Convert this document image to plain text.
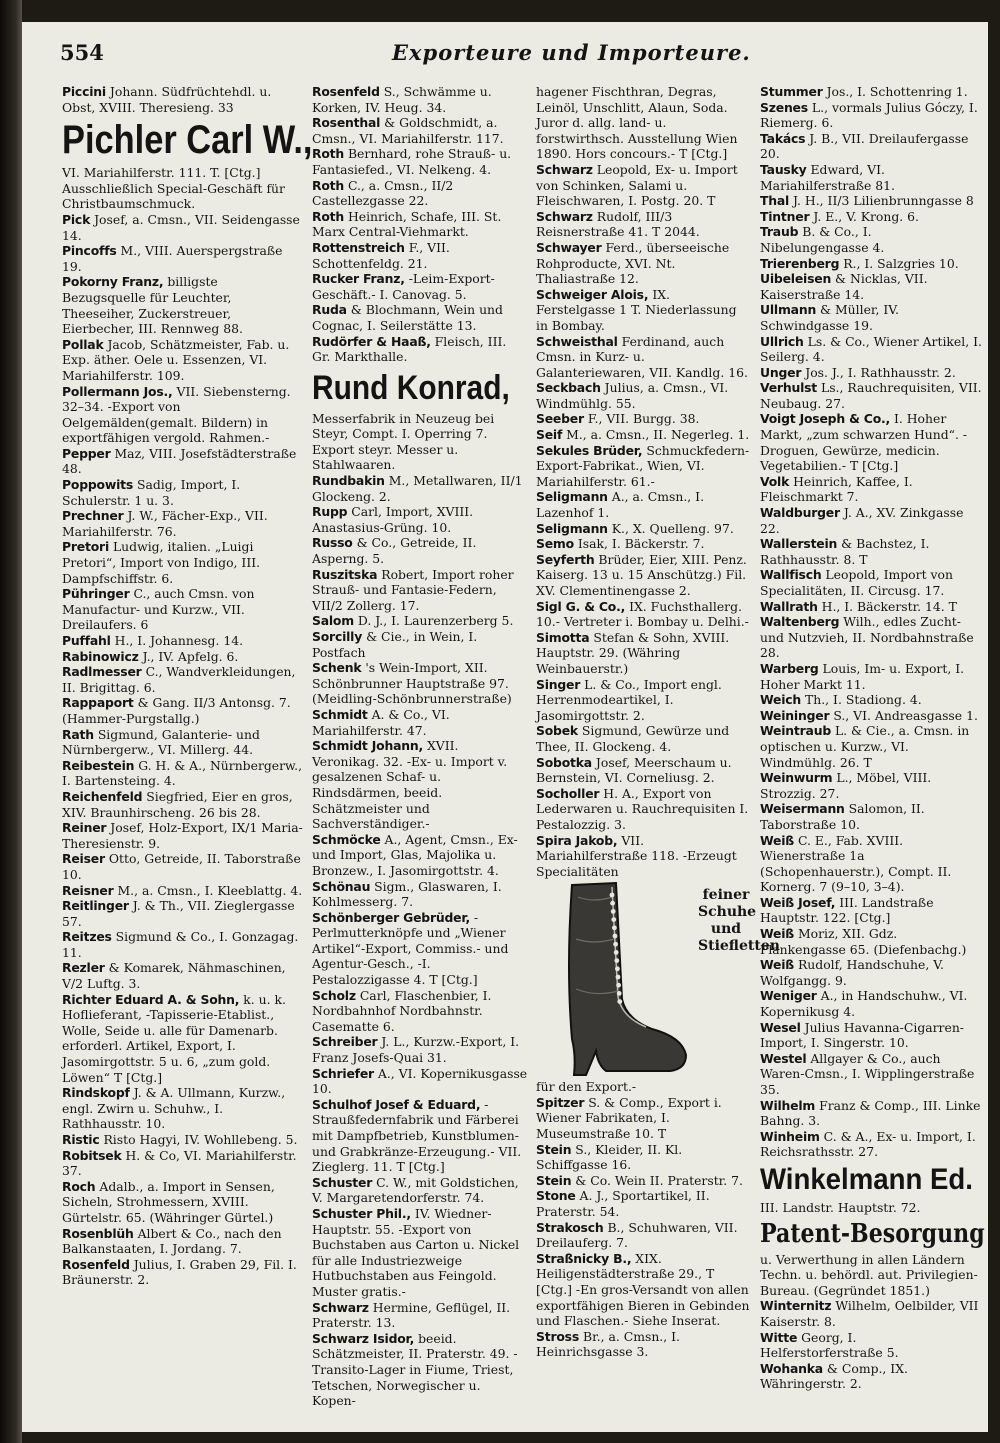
554	Exporteure und Importeure.

Piccini Johann. Südfrüchtehdl. u. Obst, XVIII. Theresieng. 33

Pichler Carl W.,

VI. Mariahilferstr. 111. T. [Ctg.] Ausschließlich Special-Geschäft für Christbaumschmuck.

Pick Josef, a. Cmsn., VII. Seidengasse 14.

Pincoffs M., VIII. Auerspergstraße 19.

Pokorny Franz, billigste Bezugsquelle für Leuchter, Theeseiher, Zuckerstreuer, Eierbecher, III. Rennweg 88.

Pollak Jacob, Schätzmeister, Fab. u. Exp. äther. Oele u. Essenzen, VI. Mariahilferstr. 109.

Pollermann Jos., VII. Siebensterng. 32–34. -Export von Oelgemälden(gemalt. Bildern) in exportfähigen vergold. Rahmen.-

Pepper Maz, VIII. Josefstädterstraße 48.

Poppowits Sadig, Import, I. Schulerstr. 1 u. 3.

Prechner J. W., Fächer-Exp., VII. Mariahilferstr. 76.

Pretori Ludwig, italien. „Luigi Pretori“, Import von Indigo, III. Dampfschiffstr. 6.

Pühringer C., auch Cmsn. von Manufactur- und Kurzw., VII. Dreilaufers. 6

Puffahl H., I. Johannesg. 14.

Rabinowicz J., IV. Apfelg. 6.

Radlmesser C., Wandverkleidungen, II. Brigittag. 6.

Rappaport & Gang. II/3 Antonsg. 7. (Hammer-Purgstallg.)

Rath Sigmund, Galanterie- und Nürnbergerw., VI. Millerg. 44.

Reibestein G. H. & A., Nürnbergerw., I. Bartensteing. 4.

Reichenfeld Siegfried, Eier en gros, XIV. Braunhirscheng. 26 bis 28.

Reiner Josef, Holz-Export, IX/1 Maria-Theresienstr. 9.

Reiser Otto, Getreide, II. Taborstraße 10.

Reisner M., a. Cmsn., I. Kleeblattg. 4.

Reitlinger J. & Th., VII. Zieglergasse 57.

Reitzes Sigmund & Co., I. Gonzagag. 11.

Rezler & Komarek, Nähmaschinen, V/2 Luftg. 3.

Richter Eduard A. & Sohn, k. u. k. Hoflieferant, -Tapisserie-Etablist., Wolle, Seide u. alle für Damenarb. erforderl. Artikel, Export, I. Jasomirgottstr. 5 u. 6, „zum gold. Löwen“ T [Ctg.]

Rindskopf J. & A. Ullmann, Kurzw., engl. Zwirn u. Schuhw., I. Rathhausstr. 10.

Ristic Risto Hagyi, IV. Wohllebeng. 5.

Robitsek H. & Co, VI. Mariahilferstr. 37.

Roch Adalb., a. Import in Sensen, Sicheln, Strohmessern, XVIII. Gürtelstr. 65. (Währinger Gürtel.)

Rosenblüh Albert & Co., nach den Balkanstaaten, I. Jordang. 7.

Rosenfeld Julius, I. Graben 29, Fil. I. Bräunerstr. 2.

Rosenfeld S., Schwämme u. Korken, IV. Heug. 34.

Rosenthal & Goldschmidt, a. Cmsn., VI. Mariahilferstr. 117.

Roth Bernhard, rohe Strauß- u. Fantasiefed., VI. Nelkeng. 4.

Roth C., a. Cmsn., II/2 Castellezgasse 22.

Roth Heinrich, Schafe, III. St. Marx Central-Viehmarkt.

Rottenstreich F., VII. Schottenfeldg. 21.

Rucker Franz, -Leim-Export-Geschäft.- I. Canovag. 5.

Ruda & Blochmann, Wein und Cognac, I. Seilerstätte 13.

Rudörfer & Haaß, Fleisch, III. Gr. Markthalle.

Rund Konrad,

Messerfabrik in Neuzeug bei Steyr, Compt. I. Operring 7. Export steyr. Messer u. Stahlwaaren.

Rundbakin M., Metallwaren, II/1 Glockeng. 2.

Rupp Carl, Import, XVIII. Anastasius-Grüng. 10.

Russo & Co., Getreide, II. Asperng. 5.

Ruszitska Robert, Import roher Strauß- und Fantasie-Federn, VII/2 Zollerg. 17.

Salom D. J., I. Laurenzerberg 5.

Sorcilly & Cie., in Wein, I. Postfach

Schenk 's Wein-Import, XII. Schönbrunner Hauptstraße 97. (Meidling-Schönbrunnerstraße)

Schmidt A. & Co., VI. Mariahilferstr. 47.

Schmidt Johann, XVII. Veronikag. 32. -Ex- u. Import v. gesalzenen Schaf- u. Rindsdärmen, beeid. Schätzmeister und Sachverständiger.-

Schmöcke A., Agent, Cmsn., Ex- und Import, Glas, Majolika u. Bronzew., I. Jasomirgottstr. 4.

Schönau Sigm., Glaswaren, I. Kohlmesserg. 7.

Schönberger Gebrüder, -Perlmutterknöpfe und „Wiener Artikel“-Export, Commiss.- und Agentur-Gesch., -I. Pestalozzigasse 4. T [Ctg.]

Scholz Carl, Flaschenbier, I. Nordbahnhof Nordbahnstr. Casematte 6.

Schreiber J. L., Kurzw.-Export, I. Franz Josefs-Quai 31.

Schriefer A., VI. Kopernikusgasse 10.

Schulhof Josef & Eduard, -Straußfedernfabrik und Färberei mit Dampfbetrieb, Kunstblumen- und Grabkränze-Erzeugung.- VII. Zieglerg. 11. T [Ctg.]

Schuster C. W., mit Goldstichen, V. Margaretendorferstr. 74.

Schuster Phil., IV. Wiedner-Hauptstr. 55. -Export von Buchstaben aus Carton u. Nickel für alle Industriezweige Hutbuchstaben aus Feingold. Muster gratis.-

Schwarz Hermine, Geflügel, II. Praterstr. 13.

Schwarz Isidor, beeid. Schätzmeister, II. Praterstr. 49. -Transito-Lager in Fiume, Triest, Tetschen, Norwegischer u. Kopen-

hagener Fischthran, Degras, Leinöl, Unschlitt, Alaun, Soda. Juror d. allg. land- u. forstwirthsch. Ausstellung Wien 1890. Hors concours.- T [Ctg.]

Schwarz Leopold, Ex- u. Import von Schinken, Salami u. Fleischwaren, I. Postg. 20. T

Schwarz Rudolf, III/3 Reisnerstraße 41. T 2044.

Schwayer Ferd., überseeische Rohproducte, XVI. Nt. Thaliastraße 12.

Schweiger Alois, IX. Ferstelgasse 1 T. Niederlassung in Bombay.

Schweisthal Ferdinand, auch Cmsn. in Kurz- u. Galanteriewaren, VII. Kandlg. 16.

Seckbach Julius, a. Cmsn., VI. Windmühlg. 55.

Seeber F., VII. Burgg. 38.

Seif M., a. Cmsn., II. Negerleg. 1.

Sekules Brüder, Schmuckfedern-Export-Fabrikat., Wien, VI. Mariahilferstr. 61.-

Seligmann A., a. Cmsn., I. Lazenhof 1.

Seligmann K., X. Quelleng. 97.

Semo Isak, I. Bäckerstr. 7.

Seyferth Brüder, Eier, XIII. Penz. Kaiserg. 13 u. 15 Anschützg.) Fil. XV. Clementinengasse 2.

Sigl G. & Co., IX. Fuchsthallerg. 10.- Vertreter i. Bombay u. Delhi.-

Simotta Stefan & Sohn, XVIII. Hauptstr. 29. (Währing Weinbauerstr.)

Singer L. & Co., Import engl. Herrenmodeartikel, I. Jasomirgottstr. 2.

Sobek Sigmund, Gewürze und Thee, II. Glockeng. 4.

Sobotka Josef, Meerschaum u. Bernstein, VI. Corneliusg. 2.

Socholler H. A., Export von Lederwaren u. Rauchrequisiten I. Pestalozzig. 3.

Spira Jakob, VII. Mariahilferstraße 118. -Erzeugt Specialitäten

feiner Schuhe und Stiefletten

für den Export.-

Spitzer S. & Comp., Export i. Wiener Fabrikaten, I. Museumstraße 10. T

Stein S., Kleider, II. Kl. Schiffgasse 16.

Stein & Co. Wein II. Praterstr. 7.

Stone A. J., Sportartikel, II. Praterstr. 54.

Strakosch B., Schuhwaren, VII. Dreilauferg. 7.

Straßnicky B., XIX. Heiligenstädterstraße 29., T [Ctg.] -En gros-Versandt von allen exportfähigen Bieren in Gebinden und Flaschen.- Siehe Inserat.

Stross Br., a. Cmsn., I. Heinrichsgasse 3.

Stummer Jos., I. Schottenring 1.

Szenes L., vormals Julius Góczy, I. Riemerg. 6.

Takács J. B., VII. Dreilaufergasse 20.

Tausky Edward, VI. Mariahilferstraße 81.

Thal J. H., II/3 Lilienbrunngasse 8

Tintner J. E., V. Krong. 6.

Traub B. & Co., I. Nibelungengasse 4.

Trierenberg R., I. Salzgries 10.

Uibeleisen & Nicklas, VII. Kaiserstraße 14.

Ullmann & Müller, IV. Schwindgasse 19.

Ullrich Ls. & Co., Wiener Artikel, I. Seilerg. 4.

Unger Jos. J., I. Rathhausstr. 2.

Verhulst Ls., Rauchrequisiten, VII. Neubaug. 27.

Voigt Joseph & Co., I. Hoher Markt, „zum schwarzen Hund“. -Droguen, Gewürze, medicin. Vegetabilien.- T [Ctg.]

Volk Heinrich, Kaffee, I. Fleischmarkt 7.

Waldburger J. A., XV. Zinkgasse 22.

Wallerstein & Bachstez, I. Rathhausstr. 8. T

Wallfisch Leopold, Import von Specialitäten, II. Circusg. 17.

Wallrath H., I. Bäckerstr. 14. T

Waltenberg Wilh., edles Zucht- und Nutzvieh, II. Nordbahnstraße 28.

Warberg Louis, Im- u. Export, I. Hoher Markt 11.

Weich Th., I. Stadiong. 4.

Weininger S., VI. Andreasgasse 1.

Weintraub L. & Cie., a. Cmsn. in optischen u. Kurzw., VI. Windmühlg. 26. T

Weinwurm L., Möbel, VIII. Strozzig. 27.

Weisermann Salomon, II. Taborstraße 10.

Weiß C. E., Fab. XVIII. Wienerstraße 1a (Schopenhauerstr.), Compt. II. Kornerg. 7 (9–10, 3–4).

Weiß Josef, III. Landstraße Hauptstr. 122. [Ctg.]

Weiß Moriz, XII. Gdz. Plankengasse 65. (Diefenbachg.)

Weiß Rudolf, Handschuhe, V. Wolfgangg. 9.

Weniger A., in Handschuhw., VI. Kopernikusg 4.

Wesel Julius Havanna-Cigarren-Import, I. Singerstr. 10.

Westel Allgayer & Co., auch Waren-Cmsn., I. Wipplingerstraße 35.

Wilhelm Franz & Comp., III. Linke Bahng. 3.

Winheim C. & A., Ex- u. Import, I. Reichsrathsstr. 27.

Winkelmann Ed.

III. Landstr. Hauptstr. 72.

Patent-Besorgung

u. Verwerthung in allen Ländern Techn. u. behördl. aut. Privilegien-Bureau. (Gegründet 1851.)

Winternitz Wilhelm, Oelbilder, VII Kaiserstr. 8.

Witte Georg, I. Helferstorferstraße 5.

Wohanka & Comp., IX. Währingerstr. 2.
